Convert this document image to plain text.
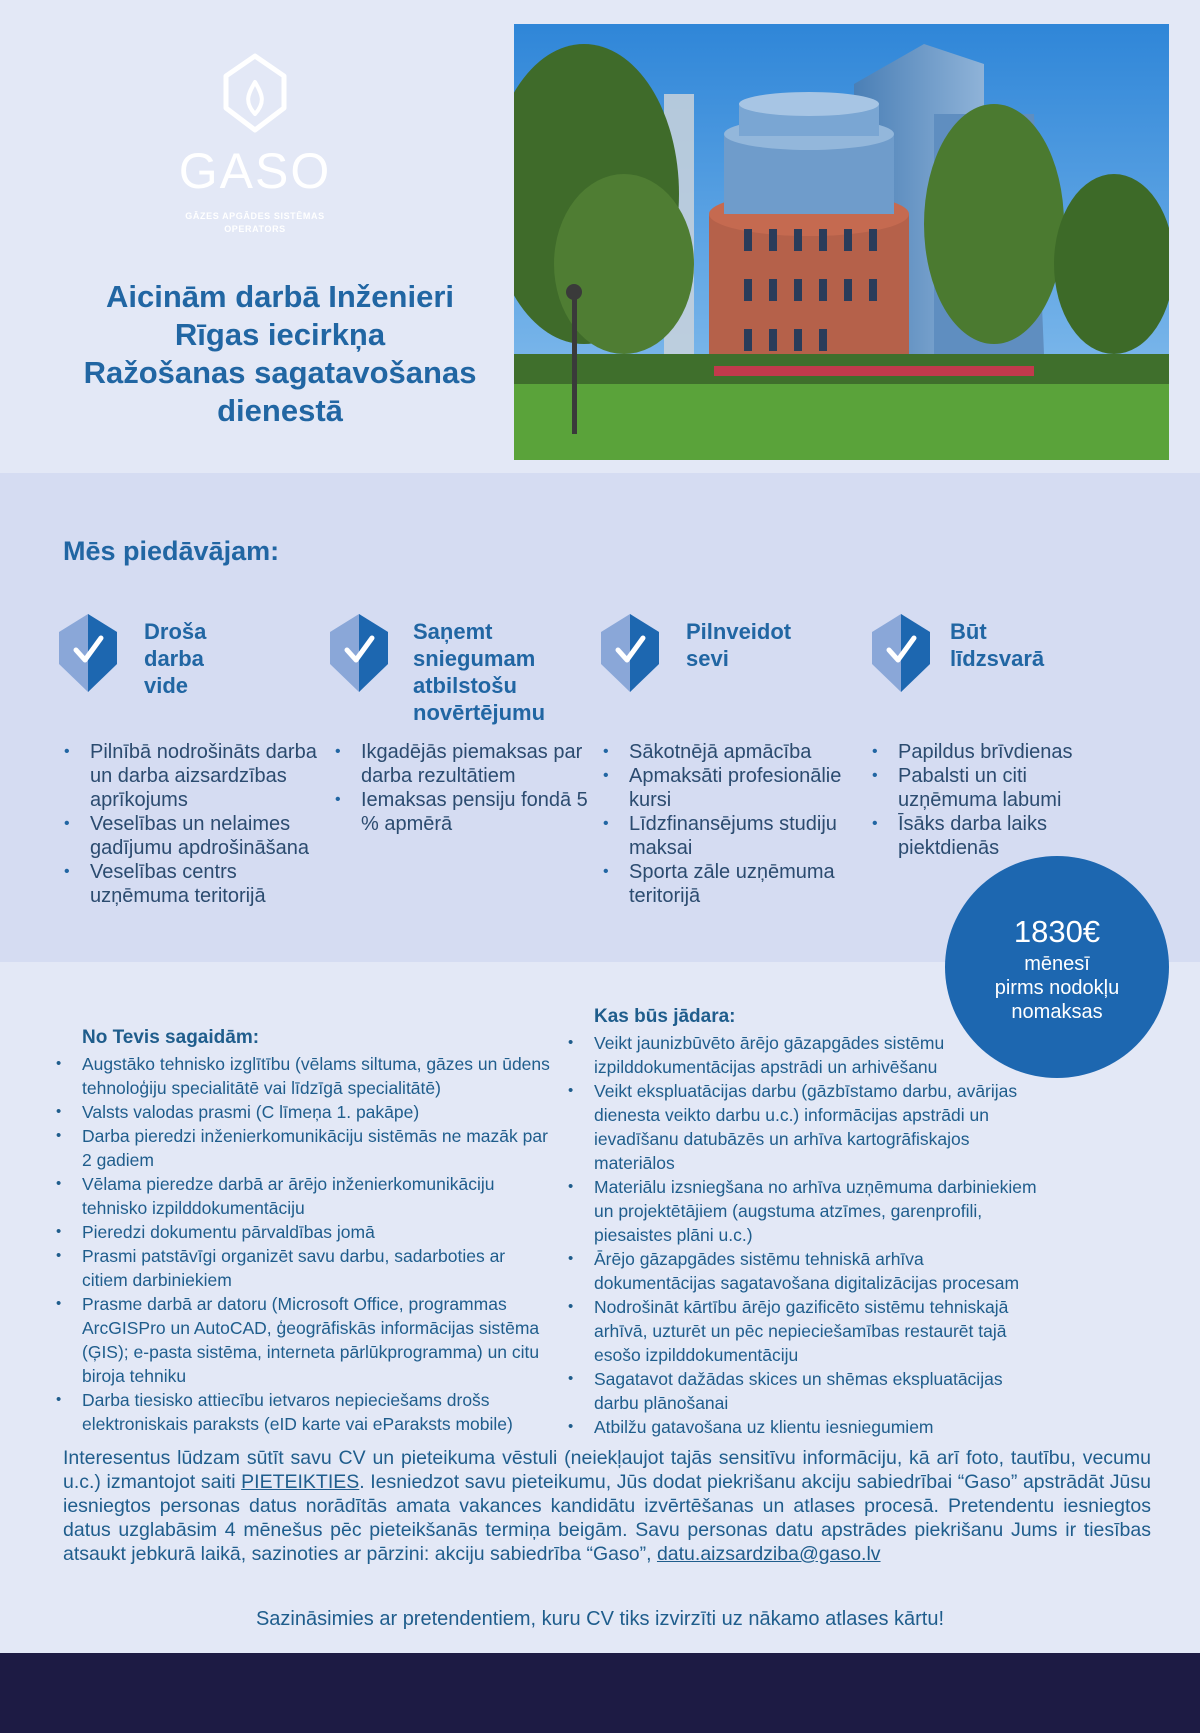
GASO
GĀZES APGĀDES SISTĒMAS
OPERATORS
Aicinām darbā Inženieri
Rīgas iecirkņa
Ražošanas sagatavošanas
dienestā
Mēs piedāvājam:
Droša
darba
vide
• Pilnībā nodrošināts darba un darba aizsardzības aprīkojums
• Veselības un nelaimes gadījumu apdrošināšana
• Veselības centrs uzņēmuma teritorijā
Saņemt
sniegumam
atbilstošu
novērtējumu
• Ikgadējās piemaksas par darba rezultātiem
• Iemaksas pensiju fondā 5 % apmērā
Pilnveidot
sevi
• Sākotnējā apmācība
• Apmaksāti profesionālie kursi
• Līdzfinansējums studiju maksai
• Sporta zāle uzņēmuma teritorijā
Būt
līdzsvarā
• Papildus brīvdienas
• Pabalsti un citi uzņēmuma labumi
• Īsāks darba laiks piektdienās
1830€
mēnesī
pirms nodokļu
nomaksas
No Tevis sagaidām:
• Augstāko tehnisko izglītību (vēlams siltuma, gāzes un ūdens tehnoloģiju specialitātē vai līdzīgā specialitātē)
• Valsts valodas prasmi (C līmeņa 1. pakāpe)
• Darba pieredzi inženierkomunikāciju sistēmās ne mazāk par 2 gadiem
• Vēlama pieredze darbā ar ārējo inženierkomunikāciju tehnisko izpilddokumentāciju
• Pieredzi dokumentu pārvaldības jomā
• Prasmi patstāvīgi organizēt savu darbu, sadarboties ar citiem darbiniekiem
• Prasme darbā ar datoru (Microsoft Office, programmas ArcGISPro un AutoCAD, ģeogrāfiskās informācijas sistēma (ĢIS); e-pasta sistēma, interneta pārlūkprogramma) un citu biroja tehniku
• Darba tiesisko attiecību ietvaros nepieciešams drošs elektroniskais paraksts (eID karte vai eParaksts mobile)
Kas būs jādara:
• Veikt jaunizbūvēto ārējo gāzapgādes sistēmu izpilddokumentācijas apstrādi un arhivēšanu
• Veikt ekspluatācijas darbu (gāzbīstamo darbu, avārijas dienesta veikto darbu u.c.) informācijas apstrādi un ievadīšanu datubāzēs un arhīva kartogrāfiskajos materiālos
• Materiālu izsniegšana no arhīva uzņēmuma darbiniekiem un projektētājiem (augstuma atzīmes, garenprofili, piesaistes plāni u.c.)
• Ārējo gāzapgādes sistēmu tehniskā arhīva dokumentācijas sagatavošana digitalizācijas procesam
• Nodrošināt kārtību ārējo gazificēto sistēmu tehniskajā arhīvā, uzturēt un pēc nepieciešamības restaurēt tajā esošo izpilddokumentāciju
• Sagatavot dažādas skices un shēmas ekspluatācijas darbu plānošanai
• Atbilžu gatavošana uz klientu iesniegumiem
Interesentus lūdzam sūtīt savu CV un pieteikuma vēstuli (neiekļaujot tajās sensitīvu informāciju, kā arī foto, tautību, vecumu u.c.) izmantojot saiti PIETEIKTIES. Iesniedzot savu pieteikumu, Jūs dodat piekrišanu akciju sabiedrībai “Gaso” apstrādāt Jūsu iesniegtos personas datus norādītās amata vakances kandidātu izvērtēšanas un atlases procesā. Pretendentu iesniegtos datus uzglabāsim 4 mēnešus pēc pieteikšanās termiņa beigām. Savu personas datu apstrādes piekrišanu Jums ir tiesības atsaukt jebkurā laikā, sazinoties ar pārzini: akciju sabiedrība “Gaso”, datu.aizsardziba@gaso.lv
Sazināsimies ar pretendentiem, kuru CV tiks izvirzīti uz nākamo atlases kārtu!
